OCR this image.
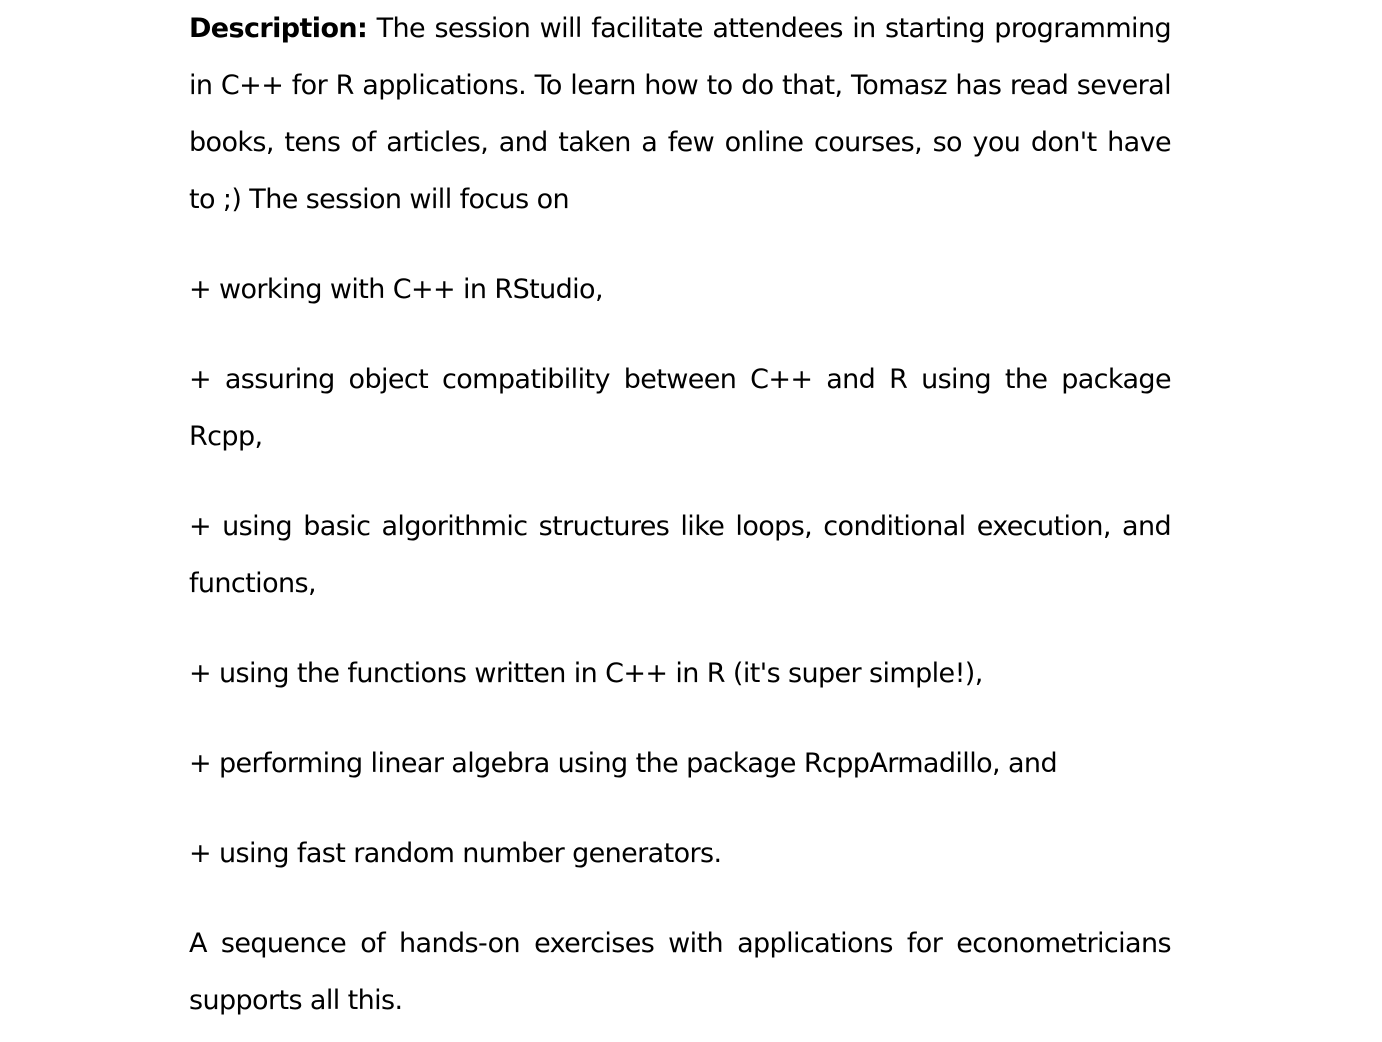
Description: The session will facilitate attendees in starting programming in C++ for R applications. To learn how to do that, Tomasz has read several books, tens of articles, and taken a few online courses, so you don't have to ;) The session will focus on

+ working with C++ in RStudio,

+ assuring object compatibility between C++ and R using the package Rcpp,

+ using basic algorithmic structures like loops, conditional execution, and functions,

+ using the functions written in C++ in R (it's super simple!),

+ performing linear algebra using the package RcppArmadillo, and

+ using fast random number generators.

A sequence of hands-on exercises with applications for econometricians supports all this.
